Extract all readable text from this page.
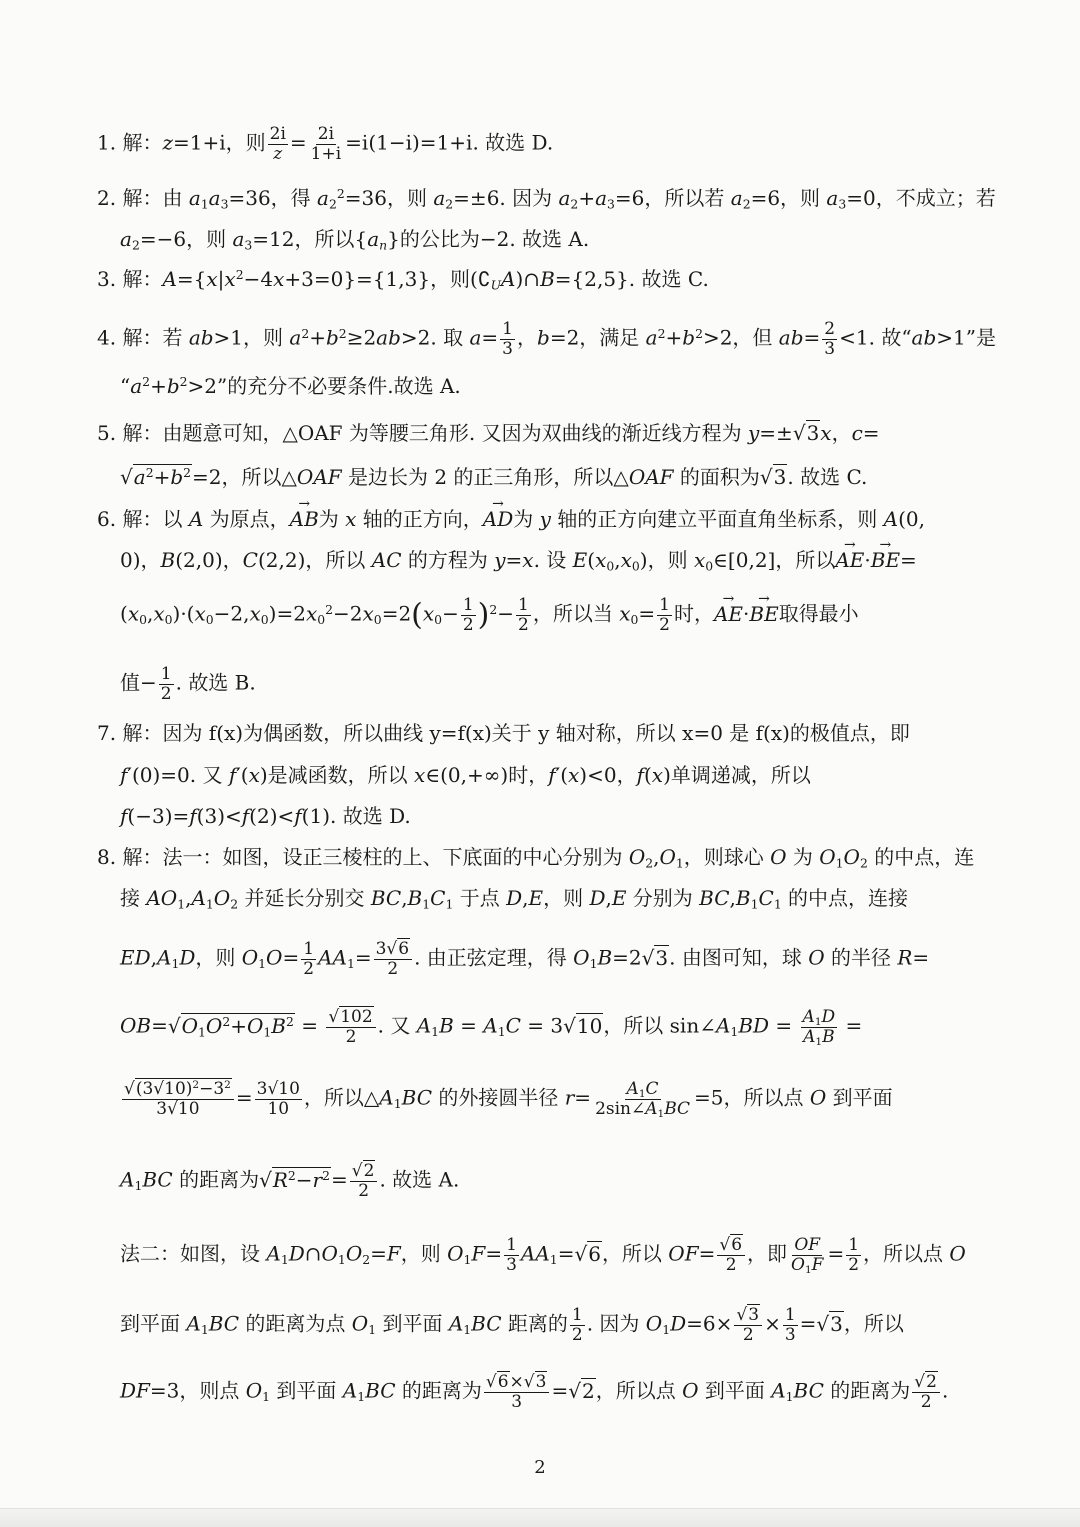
1. 解：z=1+i，则 $\frac{2i}{z} = \frac{2i}{1+i} =i(1-i)=1+i$. 故选 D.
2. 解：由 $a_1a_3=36$，得 $a_2^2=36$，则 $a_2=\pm 6$. 因为 $a_2+a_3=6$，所以若 $a_2=6$，则 $a_3=0$，不成立；若
$a_2=-6$，则 $a_3=12$，所以$\{a_n\}$的公比为−2. 故选 A.
3. 解：$A=\{x|x^2-4x+3=0\}=\{1,3\}$，则$(∁_UA)\cap B=\{2,5\}$. 故选 C.
4. 解：若 ab>1，则 $a^2+b^2\ge 2ab>2$. 取 $a= \frac{1}{3}$ ，b=2，满足 $a^2+b^2>2$，但 $ab= \frac{2}{3} <1$. 故“ab>1”是
“$a^2+b^2>2$”的充分不必要条件.故选 A.
5. 解：由题意可知，△OAF 为等腰三角形. 又因为双曲线的渐近线方程为 y=±√3x，c=
$√a^2+b^2=2$，所以△OAF 是边长为 2 的正三角形，所以△OAF 的面积为√3. 故选 C.
6. 解：以 A 为原点，→ AB为 x 轴的正方向，→ AD为 y 轴的正方向建立平面直角坐标系，则 A(0,
0)，B(2,0)，C(2,2)，所以 AC 的方程为 y=x. 设 $E(x_0,x_0)$，则 $x_0\in[0,2]$，所以→ AE·→ BE=
$(x_0,x_0)\cdot(x_0-2,x_0)=2x_0^2-2x_0=2(x_0- \frac{1}{2} )^2- \frac{1}{2}$ ，所以当 $x_0= \frac{1}{2}$ 时，→ AE·→ BE取得最小
值− $\frac{1}{2}$ . 故选 B.
7. 解：因为 f(x)为偶函数，所以曲线 y=f(x)关于 y 轴对称，所以 x=0 是 f(x)的极值点，即
f′(0)=0. 又 f′(x)是减函数，所以 x∈(0,+∞)时，f′(x)<0，f(x)单调递减，所以
f(−3)=f(3)<f(2)<f(1). 故选 D.
8. 解：法一：如图，设正三棱柱的上、下底面的中心分别为 $O_2,O_1$，则球心 O 为 $O_1O_2$ 的中点，连
接 $AO_1,A_1O_2$ 并延长分别交 $BC,B_1C_1$ 于点 D,E，则 D,E 分别为 $BC,B_1C_1$ 的中点，连接
$ED,A_1D$，则 $O_1O= \frac{1}{2} AA_1= \frac{3√6}{2}$ . 由正弦定理，得 $O_1B=2√3$. 由图可知，球 O 的半径 R=
$OB=√O_1O^2+O_1B^2 = \frac{√102}{2}$ . 又 $A_1B = A_1C = 3√10$，所以 $\sin\angle A_1BD = \frac{A_1D}{A_1B}$ =
$\frac{√(3√10)^2-3^2}{3√10} = \frac{3√10}{10}$ ，所以$\triangle A_1BC$ 的外接圆半径 $r= \frac{A_1C}{2\sin\angle A_1BC} =5$，所以点 O 到平面
$A_1BC$ 的距离为$√R^2-r^2= \frac{√2}{2}$ . 故选 A.
法二：如图，设 $A_1D\cap O_1O_2=F$，则 $O_1F= \frac{1}{3} AA_1=√6$，所以 $OF= \frac{√6}{2}$ ，即 $\frac{OF}{O_1F} = \frac{1}{2}$ ，所以点 O
到平面 $A_1BC$ 的距离为点 $O_1$ 到平面 $A_1BC$ 距离的 $\frac{1}{2}$ . 因为 $O_1D=6\times \frac{√3}{2} \times \frac{1}{3} =√3$，所以
DF=3，则点 $O_1$ 到平面 $A_1BC$ 的距离为 $\frac{√6\times√3}{3} =√2$，所以点 O 到平面 $A_1BC$ 的距离为 $\frac{√2}{2}$ .
2
